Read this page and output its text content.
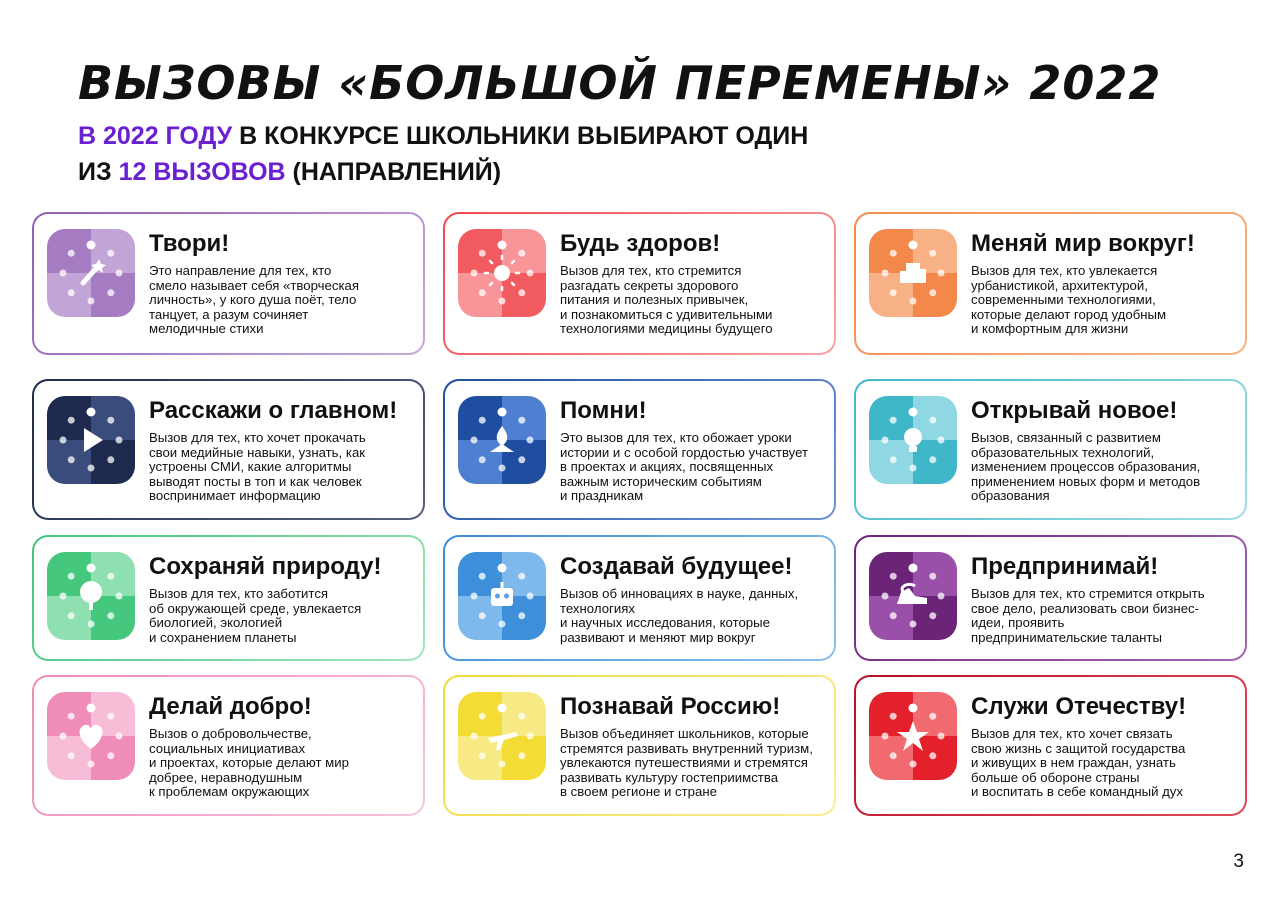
ВЫЗОВЫ «БОЛЬШОЙ ПЕРЕМЕНЫ» 2022
В 2022 ГОДУ В КОНКУРСЕ ШКОЛЬНИКИ ВЫБИРАЮТ ОДИН
ИЗ 12 ВЫЗОВОВ (НАПРАВЛЕНИЙ)
Твори!

Это направление для тех, кто
смело называет себя «творческая
личность», у кого душа поёт, тело
танцует, а разум сочиняет
мелодичные стихи

Будь здоров!

Вызов для тех, кто стремится
разгадать секреты здорового
питания и полезных привычек,
и познакомиться с удивительными
технологиями медицины будущего

Меняй мир вокруг!

Вызов для тех, кто увлекается
урбанистикой, архитектурой,
современными технологиями,
которые делают город удобным
и комфортным для жизни

Расскажи о главном!

Вызов для тех, кто хочет прокачать
свои медийные навыки, узнать, как
устроены СМИ, какие алгоритмы
выводят посты в топ и как человек
воспринимает информацию

Помни!

Это вызов для тех, кто обожает уроки
истории и с особой гордостью участвует
в проектах и акциях, посвященных
важным историческим событиям
и праздникам

Открывай новое!

Вызов, связанный с развитием
образовательных технологий,
изменением процессов образования,
применением новых форм и методов
образования

Сохраняй природу!

Вызов для тех, кто заботится
об окружающей среде, увлекается
биологией, экологией
и сохранением планеты

Создавай будущее!

Вызов об инновациях в науке, данных,
технологиях
и научных исследования, которые
развивают и меняют мир вокруг

Предпринимай!

Вызов для тех, кто стремится открыть
свое дело, реализовать свои бизнес-
идеи, проявить
предпринимательские таланты

Делай добро!

Вызов о добровольчестве,
социальных инициативах
и проектах, которые делают мир
добрее, неравнодушным
к проблемам окружающих

Познавай Россию!

Вызов объединяет школьников, которые
стремятся развивать внутренний туризм,
увлекаются путешествиями и стремятся
развивать культуру гостеприимства
в своем регионе и стране

Служи Отечеству!

Вызов для тех, кто хочет связать
свою жизнь с защитой государства
и живущих в нем граждан, узнать
больше об обороне страны
и воспитать в себе командный дух

3
